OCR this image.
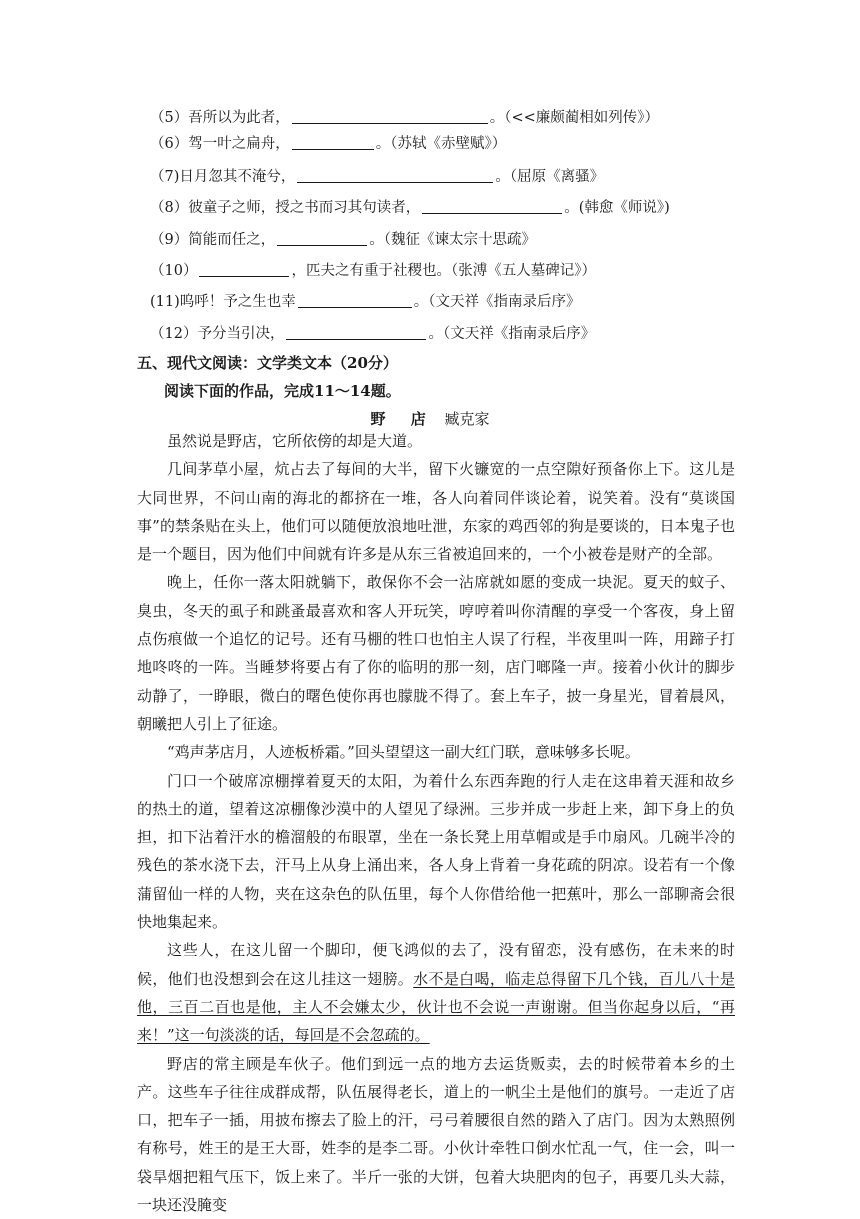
（5）吾所以为此者，	。（<<廉颇蔺相如列传》）
（6）驾一叶之扁舟，	。（苏轼《赤壁赋》）
（7)日月忽其不淹兮，	。（屈原《离骚》
（8）彼童子之师，授之书而习其句读者，	。(韩愈《师说》)
（9）简能而任之，	。（魏征《谏太宗十思疏》
（10）	，匹夫之有重于社稷也。（张溥《五人墓碑记》）
(11)呜呼！予之生也幸	。（文天祥《指南录后序》
（12）予分当引决，	。（文天祥《指南录后序》
五、现代文阅读：文学类文本（20分）
阅读下面的作品，完成11～14题。
野 店 臧克家

虽然说是野店，它所依傍的却是大道。

几间茅草小屋，炕占去了每间的大半，留下火镰宽的一点空隙好预备你上下。这儿是大同世界，不问山南的海北的都挤在一堆，各人向着同伴谈论着，说笑着。没有“莫谈国事”的禁条贴在头上，他们可以随便放浪地吐泄，东家的鸡西邻的狗是要谈的，日本鬼子也是一个题目，因为他们中间就有许多是从东三省被追回来的，一个小被卷是财产的全部。

晚上，任你一落太阳就躺下，敢保你不会一沾席就如愿的变成一块泥。夏天的蚊子、臭虫，冬天的虱子和跳蚤最喜欢和客人开玩笑，哼哼着叫你清醒的享受一个客夜，身上留点伤痕做一个追忆的记号。还有马棚的牲口也怕主人误了行程，半夜里叫一阵，用蹄子打地咚咚的一阵。当睡梦将要占有了你的临明的那一刻，店门啷隆一声。接着小伙计的脚步动静了，一睁眼，微白的曙色使你再也朦胧不得了。套上车子，披一身星光，冒着晨风，朝曦把人引上了征途。

“鸡声茅店月，人迹板桥霜。”回头望望这一副大红门联，意味够多长呢。

门口一个破席凉棚撑着夏天的太阳，为着什么东西奔跑的行人走在这串着天涯和故乡的热土的道，望着这凉棚像沙漠中的人望见了绿洲。三步并成一步赶上来，卸下身上的负担，扣下沾着汗水的檐溜般的布眼罩，坐在一条长凳上用草帽或是手巾扇风。几碗半冷的残色的茶水浇下去，汗马上从身上涌出来，各人身上背着一身花疏的阴凉。设若有一个像蒲留仙一样的人物，夹在这杂色的队伍里，每个人你借给他一把蕉叶，那么一部聊斋会很快地集起来。

这些人，在这儿留一个脚印，便飞鸿似的去了，没有留恋，没有感伤，在未来的时候，他们也没想到会在这儿挂这一翅膀。水不是白喝，临走总得留下几个钱，百儿八十是他，三百二百也是他，主人不会嫌太少，伙计也不会说一声谢谢。但当你起身以后，“再来！”这一句淡淡的话，每回是不会忽疏的。

野店的常主顾是车伙子。他们到远一点的地方去运货贩卖，去的时候带着本乡的土产。这些车子往往成群成帮，队伍展得老长，道上的一帆尘土是他们的旗号。一走近了店口，把车子一插，用披布擦去了脸上的汗，弓弓着腰很自然的踏入了店门。因为太熟照例有称号，姓王的是王大哥，姓李的是李二哥。小伙计牵牲口倒水忙乱一气，住一会，叫一袋旱烟把粗气压下，饭上来了。半斤一张的大饼，包着大块肥肉的包子，再要几头大蒜，一块还没腌变
